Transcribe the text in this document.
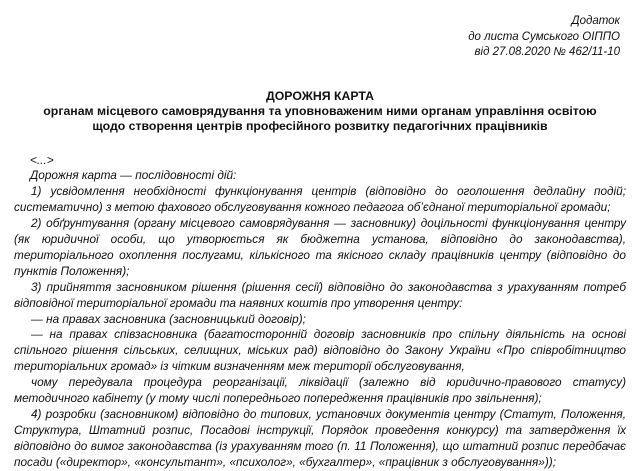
Додаток
до листа Сумського ОІППО
від 27.08.2020 № 462/11-10
ДОРОЖНЯ КАРТА
органам місцевого самоврядування та уповноваженим ними органам управління освітою
щодо створення центрів професійного розвитку педагогічних працівників

<...>

Дорожня карта — послідовності дій:

1) усвідомлення необхідності функціонування центрів (відповідно до оголошення дедлайну подій; систематично) з метою фахового обслуговування кожного педагога об’єднаної територіальної громади;

2) обґрунтування (органу місцевого самоврядування — засновнику) доцільності функціонування центру (як юридичної особи, що утворюється як бюджетна установа, відповідно до законодавства), територіального охоплення послугами, кількісного та якісного складу працівників центру (відповідно до пунктів Положення);

3) прийняття засновником рішення (рішення сесії) відповідно до законодавства з урахуванням потреб відповідної територіальної громади та наявних коштів про утворення центру:

— на правах засновника (засновницький договір);

— на правах співзасновника (багатосторонній договір засновників про спільну діяльність на основі спільного рішення сільських, селищних, міських рад) відповідно до Закону України «Про співробітництво територіальних громад» із чітким визначенням меж території обслуговування,

чому передувала процедура реорганізації, ліквідації (залежно від юридично-правового статусу) методичного кабінету (у тому числі попереднього попередження працівників про звільнення);

4) розробки (засновником) відповідно до типових, установчих документів центру (Статут, Положення, Структура, Штатний розпис, Посадові інструкції, Порядок проведення конкурсу) та затвердження їх відповідно до вимог законодавства (із урахуванням того (п. 11 Положення), що штатний розпис передбачає посади («директор», «консультант», «психолог», «бухгалтер», «працівник з обслуговування»));
